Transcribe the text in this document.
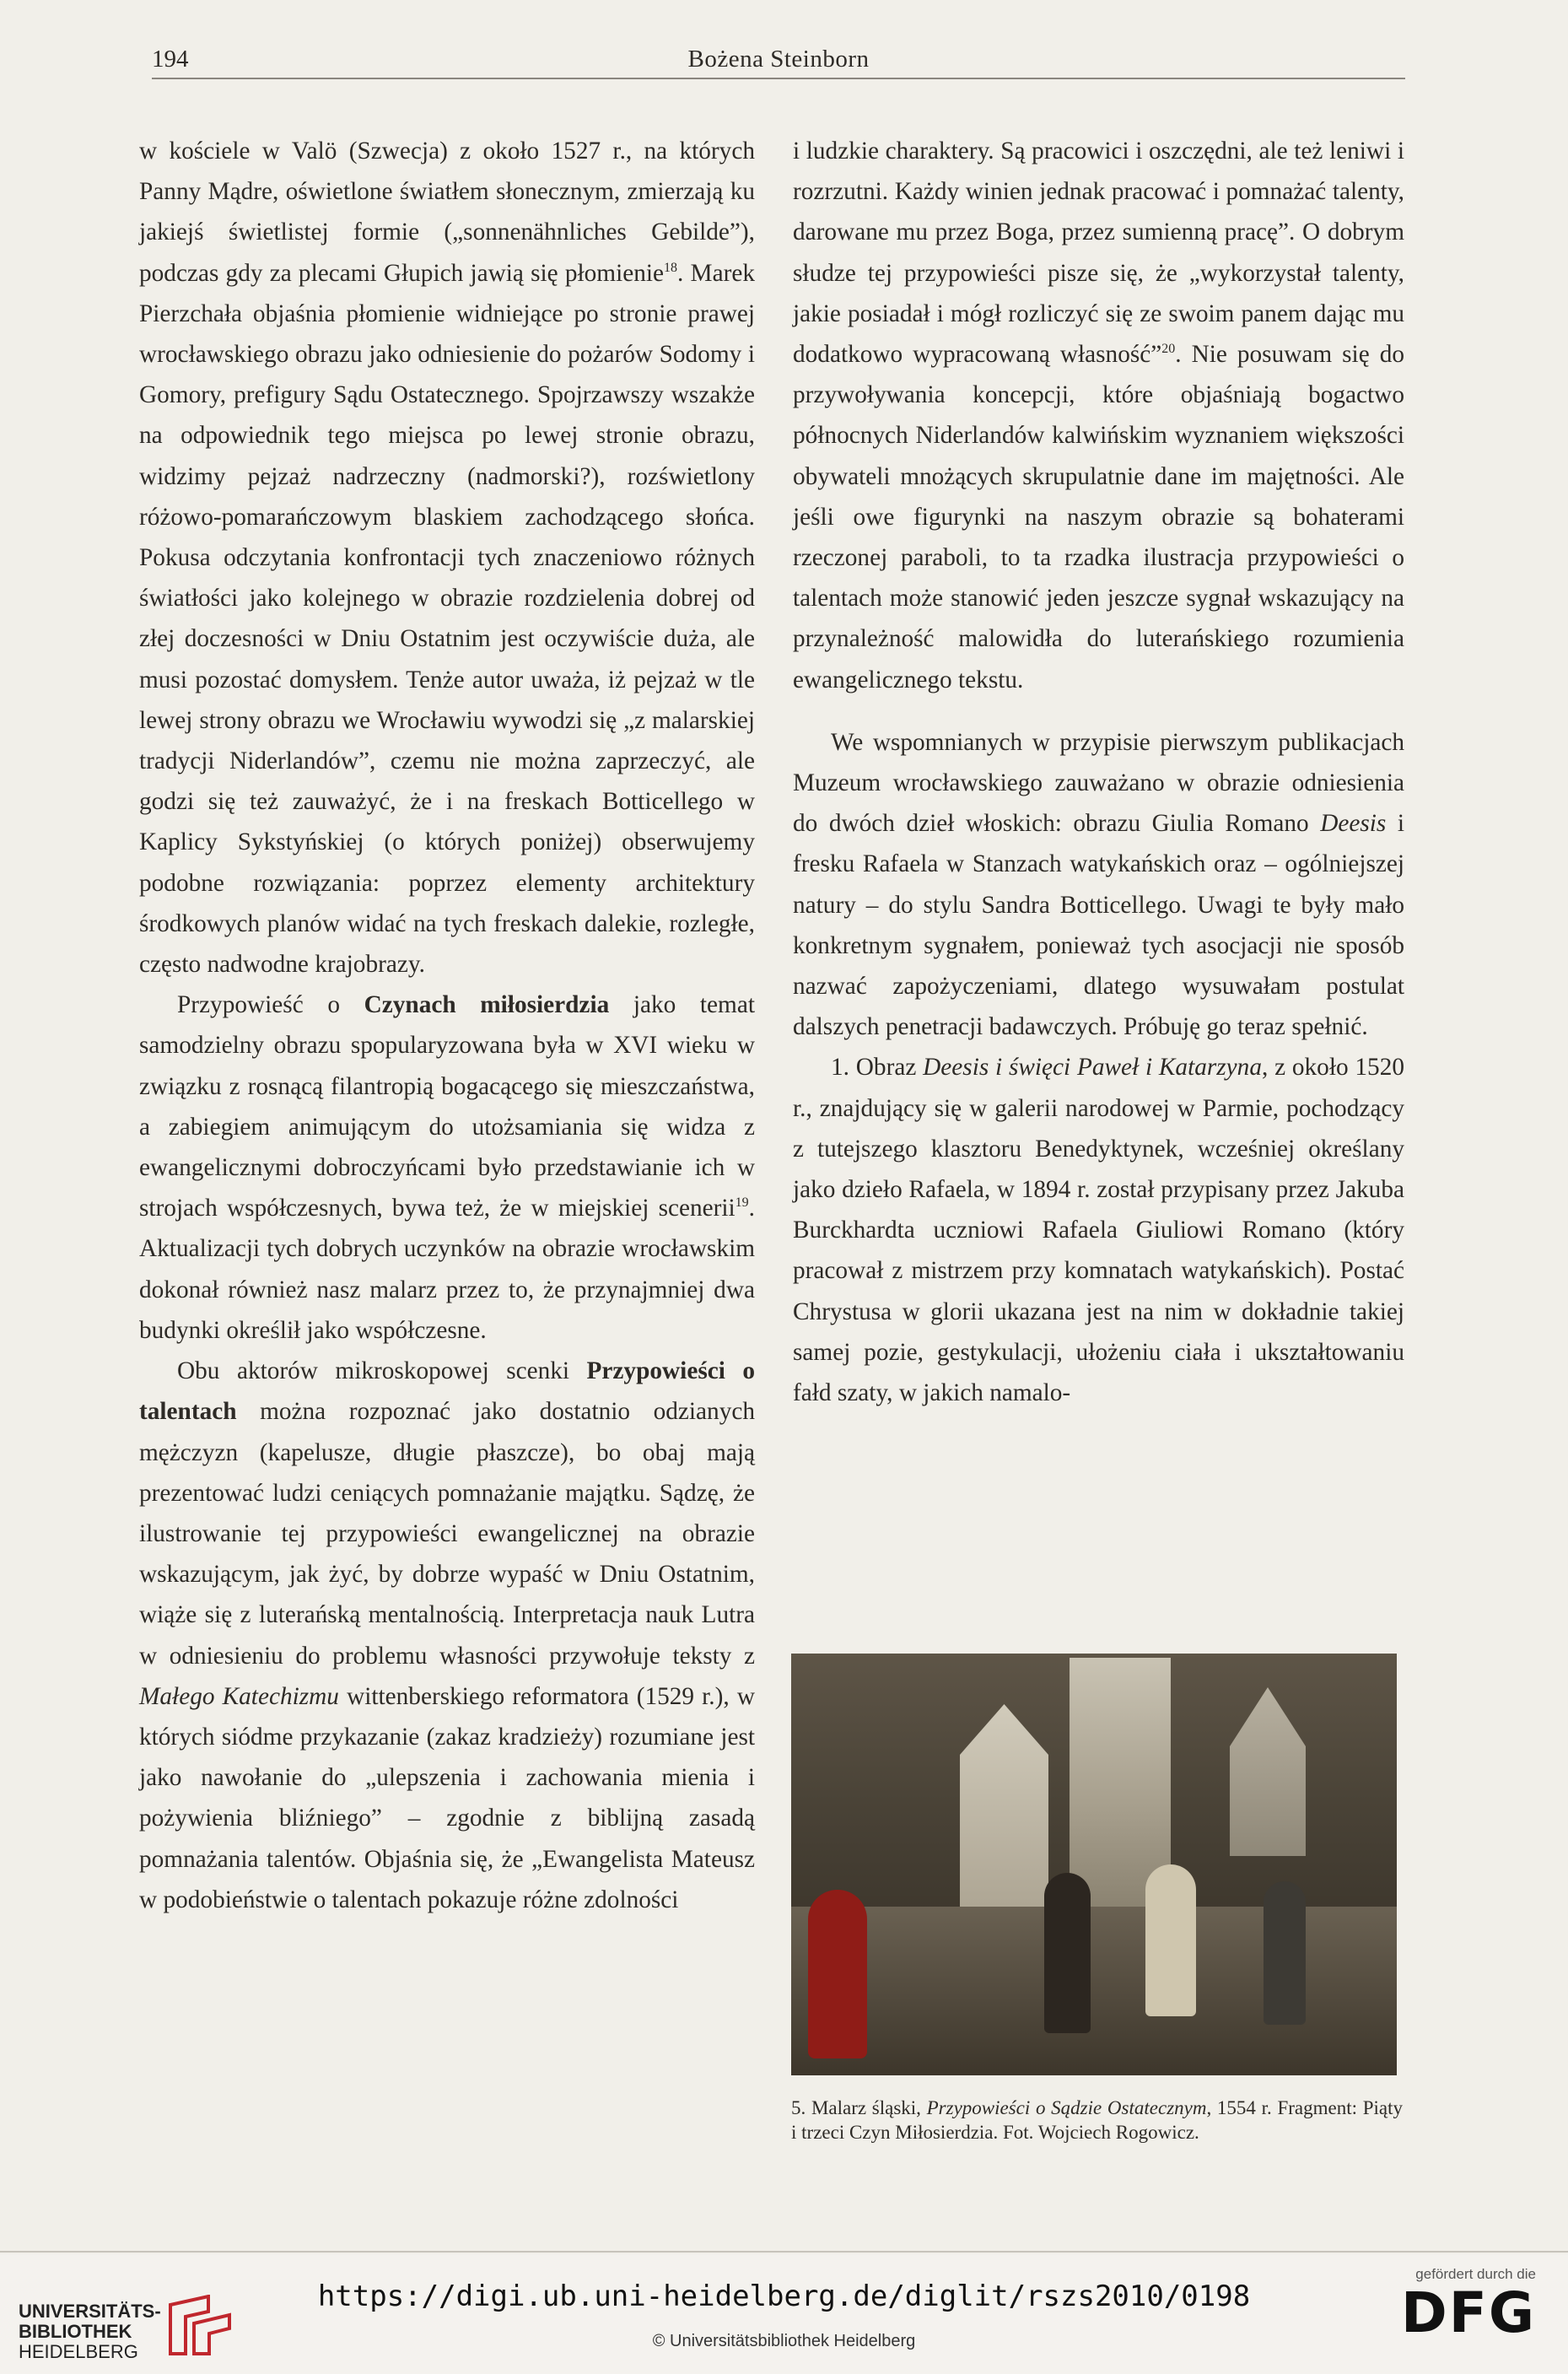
194	Bożena Steinborn

w kościele w Valö (Szwecja) z około 1527 r., na których Panny Mądre, oświetlone światłem słonecznym, zmierzają ku jakiejś świetlistej formie („sonnenähnliches Gebilde”), podczas gdy za plecami Głupich jawią się płomienie$^{18}$. Marek Pierzchała objaśnia płomienie widniejące po stronie prawej wrocławskiego obrazu jako odniesienie do pożarów Sodomy i Gomory, prefigury Sądu Ostatecznego. Spojrzawszy wszakże na odpowiednik tego miejsca po lewej stronie obrazu, widzimy pejzaż nadrzeczny (nadmorski?), rozświetlony różowo-pomarańczowym blaskiem zachodzącego słońca. Pokusa odczytania konfrontacji tych znaczeniowo różnych światłości jako kolejnego w obrazie rozdzielenia dobrej od złej doczesności w Dniu Ostatnim jest oczywiście duża, ale musi pozostać domysłem. Tenże autor uważa, iż pejzaż w tle lewej strony obrazu we Wrocławiu wywodzi się „z malarskiej tradycji Niderlandów”, czemu nie można zaprzeczyć, ale godzi się też zauważyć, że i na freskach Botticellego w Kaplicy Sykstyńskiej (o których poniżej) obserwujemy podobne rozwiązania: poprzez elementy architektury środkowych planów widać na tych freskach dalekie, rozległe, często nadwodne krajobrazy.

Przypowieść o Czynach miłosierdzia jako temat samodzielny obrazu spopularyzowana była w XVI wieku w związku z rosnącą filantropią bogacącego się mieszczaństwa, a zabiegiem animującym do utożsamiania się widza z ewangelicznymi dobroczyńcami było przedstawianie ich w strojach współczesnych, bywa też, że w miejskiej scenerii$^{19}$. Aktualizacji tych dobrych uczynków na obrazie wrocławskim dokonał również nasz malarz przez to, że przynajmniej dwa budynki określił jako współczesne.

Obu aktorów mikroskopowej scenki Przypowieści o talentach można rozpoznać jako dostatnio odzianych mężczyzn (kapelusze, długie płaszcze), bo obaj mają prezentować ludzi ceniących pomnażanie majątku. Sądzę, że ilustrowanie tej przypowieści ewangelicznej na obrazie wskazującym, jak żyć, by dobrze wypaść w Dniu Ostatnim, wiąże się z luterańską mentalnością. Interpretacja nauk Lutra w odniesieniu do problemu własności przywołuje teksty z Małego Katechizmu wittenberskiego reformatora (1529 r.), w których siódme przykazanie (zakaz kradzieży) rozumiane jest jako nawołanie do „ulepszenia i zachowania mienia i pożywienia bliźniego” – zgodnie z biblijną zasadą pomnażania talentów. Objaśnia się, że „Ewangelista Mateusz w podobieństwie o talentach pokazuje różne zdolności

i ludzkie charaktery. Są pracowici i oszczędni, ale też leniwi i rozrzutni. Każdy winien jednak pracować i pomnażać talenty, darowane mu przez Boga, przez sumienną pracę”. O dobrym słudze tej przypowieści pisze się, że „wykorzystał talenty, jakie posiadał i mógł rozliczyć się ze swoim panem dając mu dodatkowo wypracowaną własność”$^{20}$. Nie posuwam się do przywoływania koncepcji, które objaśniają bogactwo północnych Niderlandów kalwińskim wyznaniem większości obywateli mnożących skrupulatnie dane im majętności. Ale jeśli owe figurynki na naszym obrazie są bohaterami rzeczonej paraboli, to ta rzadka ilustracja przypowieści o talentach może stanowić jeden jeszcze sygnał wskazujący na przynależność malowidła do luterańskiego rozumienia ewangelicznego tekstu.

We wspomnianych w przypisie pierwszym publikacjach Muzeum wrocławskiego zauważano w obrazie odniesienia do dwóch dzieł włoskich: obrazu Giulia Romano Deesis i fresku Rafaela w Stanzach watykańskich oraz – ogólniejszej natury – do stylu Sandra Botticellego. Uwagi te były mało konkretnym sygnałem, ponieważ tych asocjacji nie sposób nazwać zapożyczeniami, dlatego wysuwałam postulat dalszych penetracji badawczych. Próbuję go teraz spełnić.

1. Obraz Deesis i święci Paweł i Katarzyna, z około 1520 r., znajdujący się w galerii narodowej w Parmie, pochodzący z tutejszego klasztoru Benedyktynek, wcześniej określany jako dzieło Rafaela, w 1894 r. został przypisany przez Jakuba Burckhardta uczniowi Rafaela Giuliowi Romano (który pracował z mistrzem przy komnatach watykańskich). Postać Chrystusa w glorii ukazana jest na nim w dokładnie takiej samej pozie, gestykulacji, ułożeniu ciała i ukształtowaniu fałd szaty, w jakich namalo-

5. Malarz śląski, Przypowieści o Sądzie Ostatecznym, 1554 r. Fragment: Piąty i trzeci Czyn Miłosierdzia. Fot. Wojciech Rogowicz.
UNIVERSITÄTS-
BIBLIOTHEK
HEIDELBERG
https://digi.ub.uni-heidelberg.de/diglit/rszs2010/0198
© Universitätsbibliothek Heidelberg
gefördert durch die
DFG
